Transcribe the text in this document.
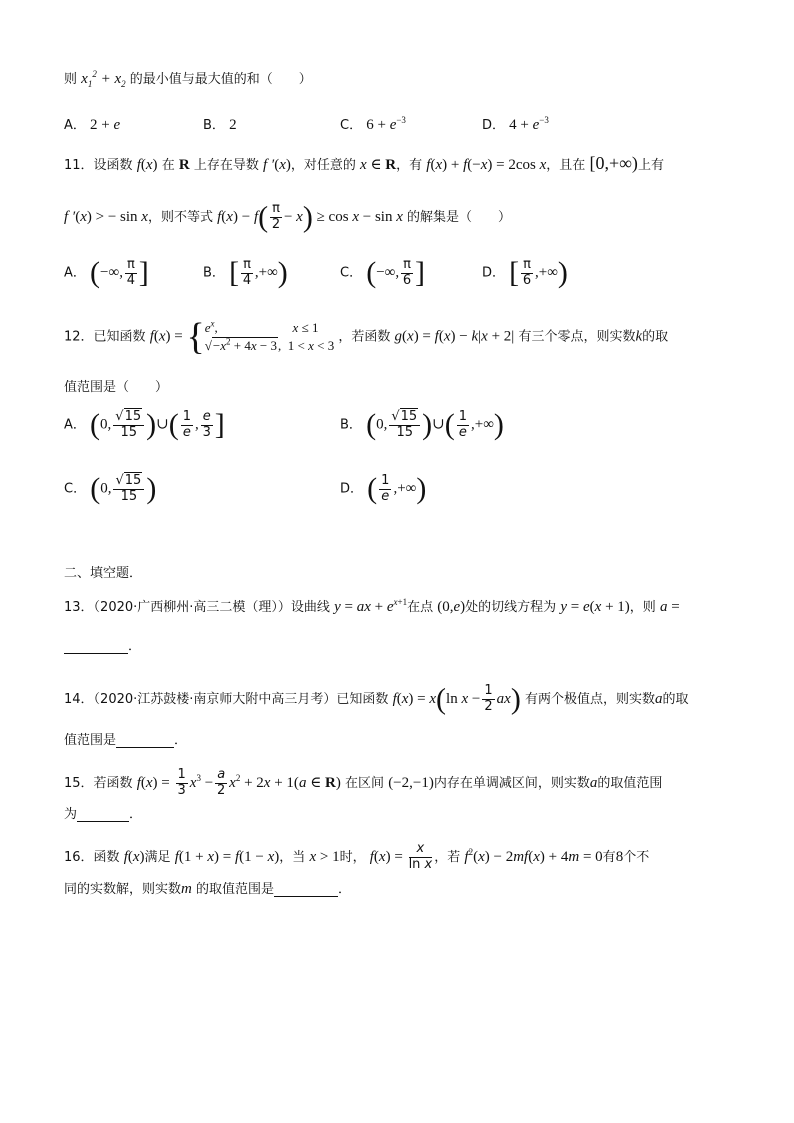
则 $x_1^2 + x_2$ 的最小值与最大值的和（　　）
A． 2 + e	B． 2	C． $6 + e^{-3}$	D． $4 + e^{-3}$
11．设函数 f(x) 在 R 上存在导数 f ′(x)，对任意的 x ∈ R，有 f(x) + f(−x) = 2cos x，且在 [0,+∞)上有
f ′(x) > − sin x，则不等式 $f(x) - f( \frac{\pi}{2} - x) \ge \cos x - \sin x$ 的解集是（　　）
A． (−∞, $\frac{\pi}{4}$ ]	B． [ $\frac{\pi}{4}$ ,+∞)	C． (−∞, $\frac{\pi}{6}$ ]	D． [ $\frac{\pi}{6}$ ,+∞)
12．已知函数 f(x) = { $e^x$,                       x ≤ 1
$√-x^2 + 4x - 3$,  1 < x < 3
，若函数 g(x) = f(x) − k|x + 2| 有三个零点，则实数k的取
值范围是（　　）
A． (0, $\frac{√15}{15}$ )∪( $\frac{1}{e}$ , $\frac{e}{3}$ ]	B． (0, $\frac{√15}{15}$ )∪( $\frac{1}{e}$ ,+∞)
C． (0, $\frac{√15}{15}$ )	D． ( $\frac{1}{e}$ ,+∞)
二、填空题．
13．（2020·广西柳州·高三二模（理））设曲线 y = ax + $e^{x+1}$在点 (0,e)处的切线方程为 y = e(x + 1)，则 a =
．
14．（2020·江苏鼓楼·南京师大附中高三月考）已知函数 f(x) = x(ln $x - \frac{1}{2} ax$) 有两个极值点，则实数a的取
值范围是	．
15．若函数 $f(x) = \frac{1}{3} x^3 - \frac{a}{2} x^2 + 2x + 1(a$ ∈ R) 在区间 (−2,−1)内存在单调减区间，则实数a的取值范围
为	．
16．函数 f(x)满足 f(1 + x) = f(1 − x)，当 x > 1时， $f(x) = \frac{x}{\text{ln x}}$ ，若 $f^2(x) - 2mf(x) + 4m = 0$有8个不
同的实数解，则实数m 的取值范围是	．
